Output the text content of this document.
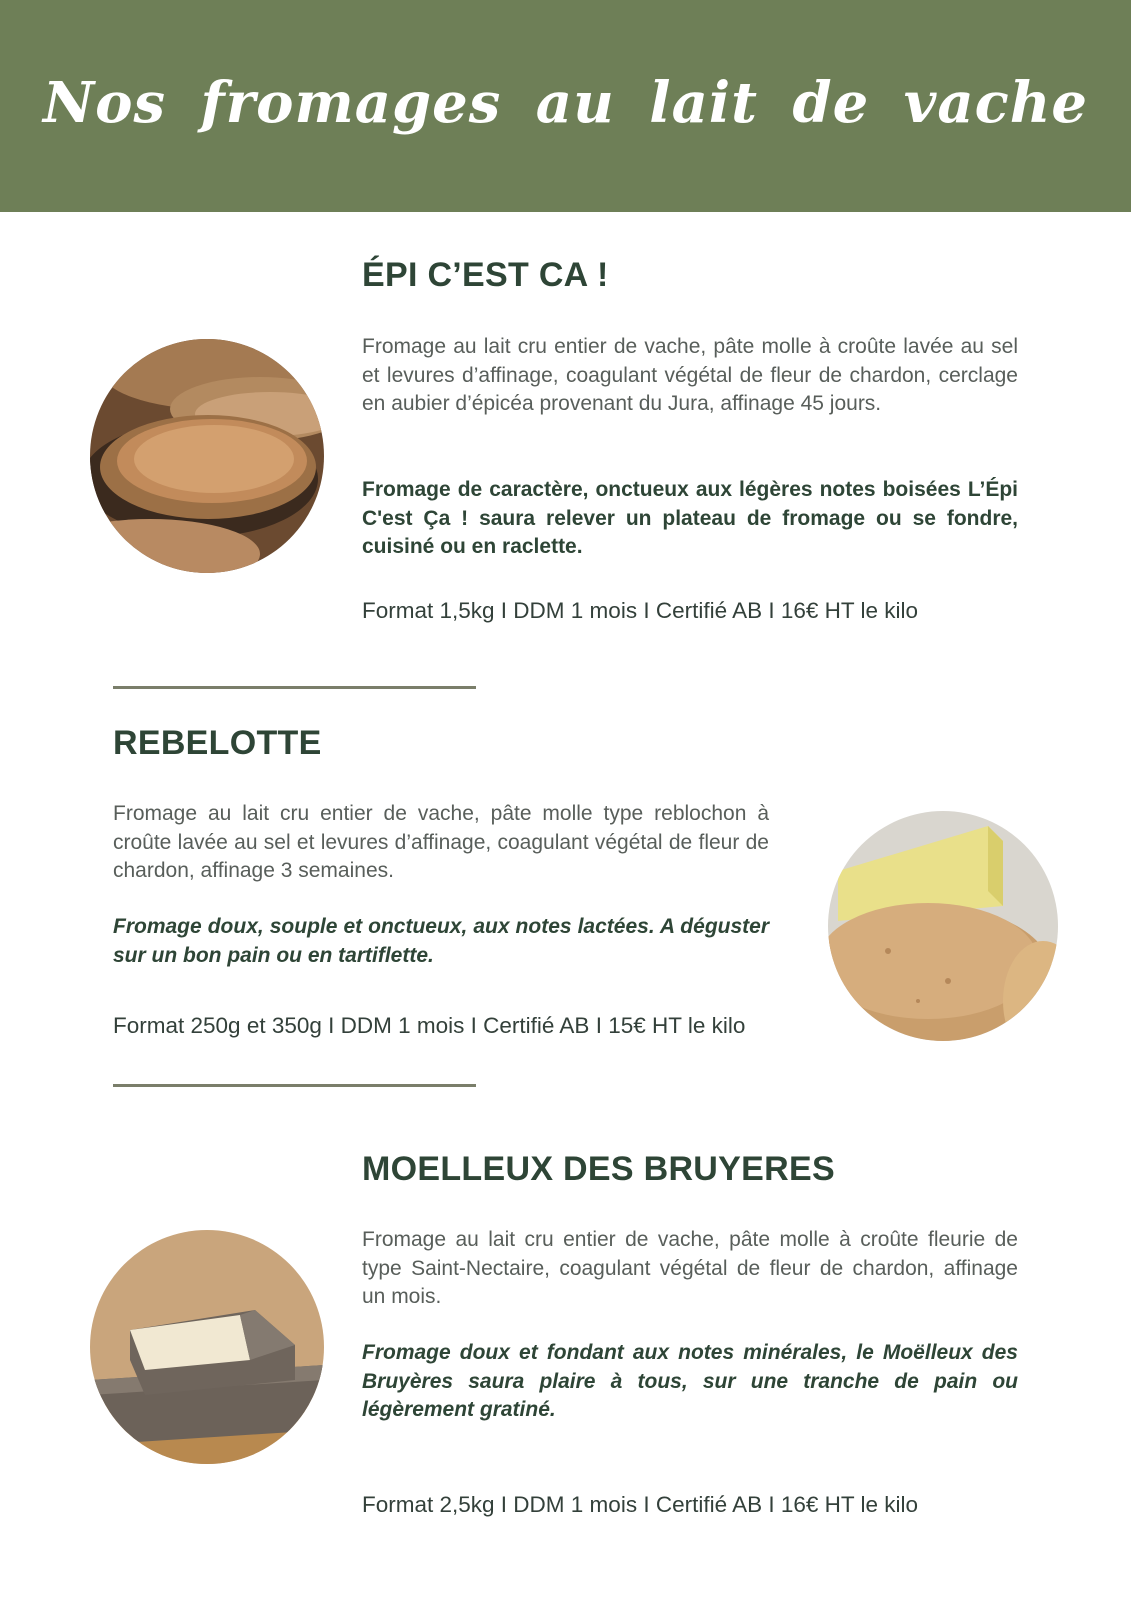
Nos fromages au lait de vache
ÉPI C’EST CA !

Fromage au lait cru entier de vache, pâte molle à croûte lavée au sel et levures d’affinage, coagulant végétal de fleur de chardon, cerclage en aubier d’épicéa provenant du Jura, affinage 45 jours.

Fromage de caractère, onctueux aux légères notes boisées L’Épi C'est Ça ! saura relever un plateau de fromage ou se fondre, cuisiné ou en raclette.

Format 1,5kg I DDM 1 mois I Certifié AB I 16€ HT le kilo

REBELOTTE

Fromage au lait cru entier de vache, pâte molle type reblochon à croûte lavée au sel et levures d’affinage, coagulant végétal de fleur de chardon, affinage 3 semaines.

Fromage doux, souple et onctueux, aux notes lactées. A déguster sur un bon pain ou en tartiflette.

Format 250g et 350g I DDM 1 mois I Certifié AB I 15€ HT le kilo

MOELLEUX DES BRUYERES

Fromage au lait cru entier de vache, pâte molle à croûte fleurie de type Saint-Nectaire, coagulant végétal de fleur de chardon, affinage un mois.

Fromage doux et fondant aux notes minérales, le Moëlleux des Bruyères saura plaire à tous, sur une tranche de pain ou légèrement gratiné.

Format 2,5kg I DDM 1 mois I Certifié AB I 16€ HT le kilo
